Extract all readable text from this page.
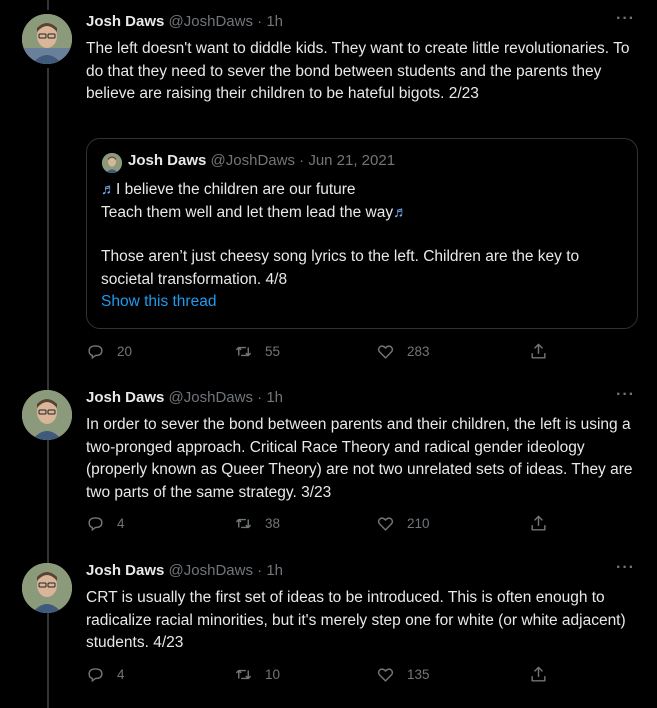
Josh Daws @JoshDaws · 1h	···
The left doesn't want to diddle kids. They want to create little revolutionaries. To do that they need to sever the bond between students and the parents they believe are raising their children to be hateful bigots. 2/23
Josh Daws @JoshDaws · Jun 21, 2021
♬I believe the children are our future
Teach them well and let them lead the way♬
Those aren’t just cheesy song lyrics to the left. Children are the key to societal transformation. 4/8
Show this thread
20	55	283
Josh Daws @JoshDaws · 1h	···
In order to sever the bond between parents and their children, the left is using a two-pronged approach. Critical Race Theory and radical gender ideology (properly known as Queer Theory) are not two unrelated sets of ideas. They are two parts of the same strategy. 3/23
4	38	210
Josh Daws @JoshDaws · 1h	···
CRT is usually the first set of ideas to be introduced. This is often enough to radicalize racial minorities, but it's merely step one for white (or white adjacent) students. 4/23
4	10	135
